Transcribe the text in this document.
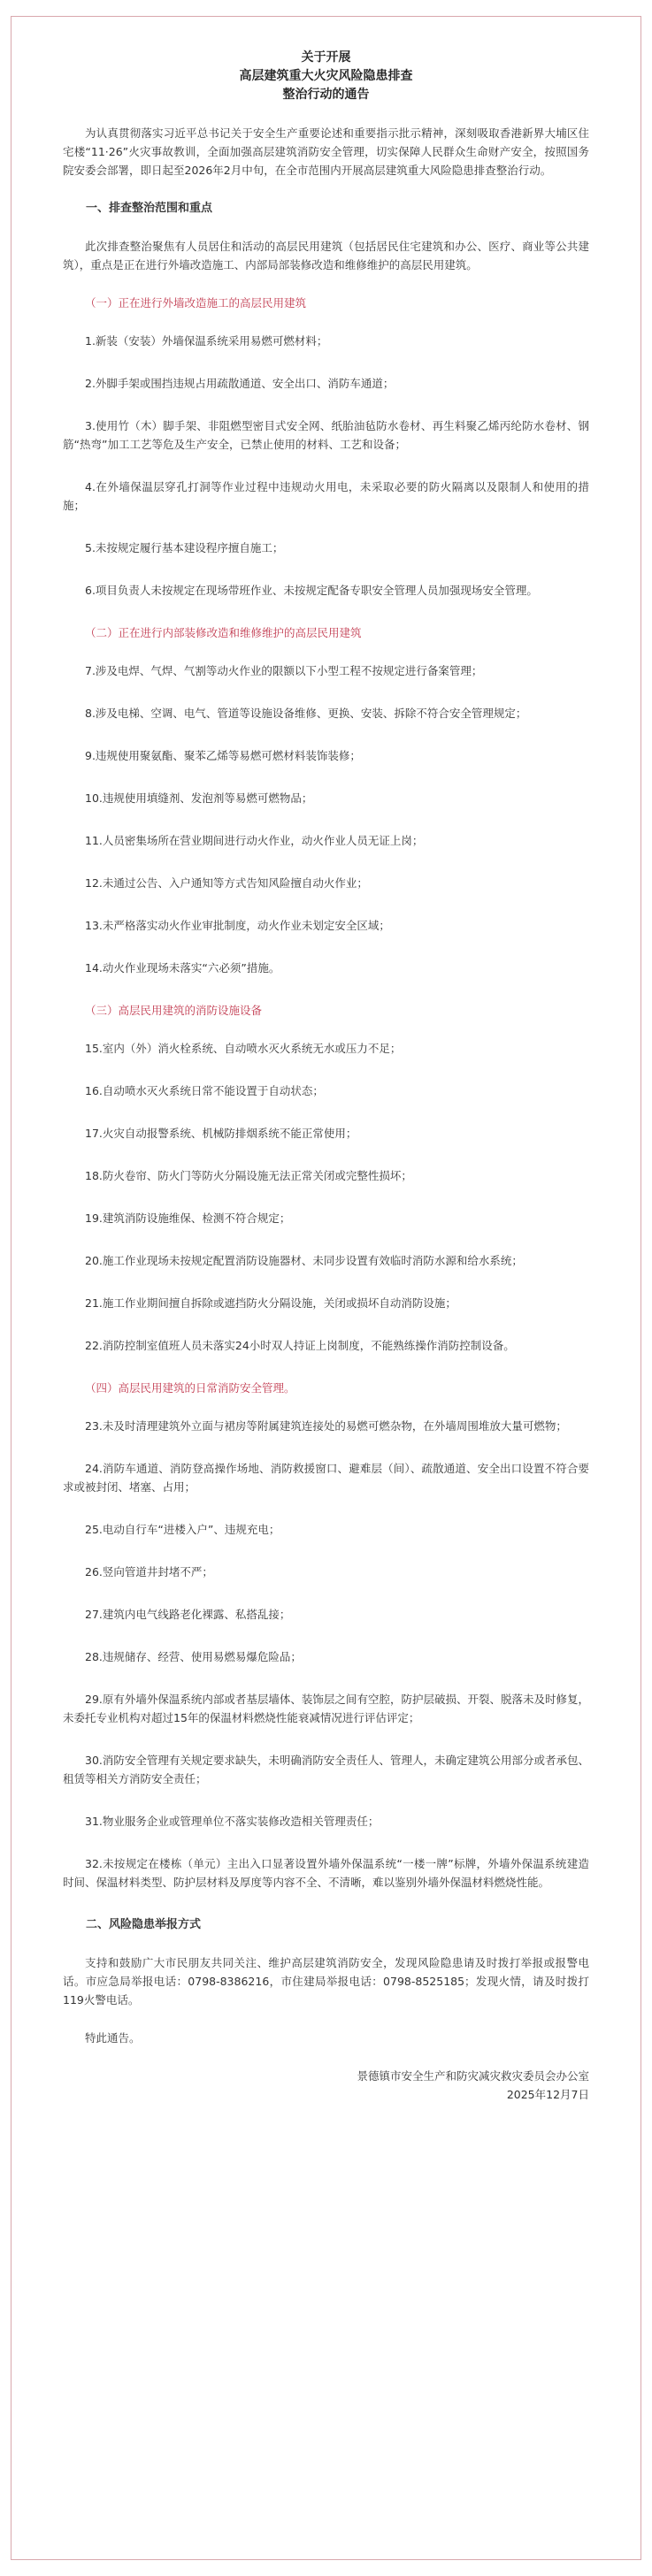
关于开展
高层建筑重大火灾风险隐患排查
整治行动的通告

为认真贯彻落实习近平总书记关于安全生产重要论述和重要指示批示精神，深刻吸取香港新界大埔区住宅楼“11·26”火灾事故教训，全面加强高层建筑消防安全管理，切实保障人民群众生命财产安全，按照国务院安委会部署，即日起至2026年2月中旬，在全市范围内开展高层建筑重大风险隐患排查整治行动。

一、排查整治范围和重点

此次排查整治聚焦有人员居住和活动的高层民用建筑（包括居民住宅建筑和办公、医疗、商业等公共建筑），重点是正在进行外墙改造施工、内部局部装修改造和维修维护的高层民用建筑。

（一）正在进行外墙改造施工的高层民用建筑

1.新装（安装）外墙保温系统采用易燃可燃材料；

2.外脚手架或围挡违规占用疏散通道、安全出口、消防车通道；

3.使用竹（木）脚手架、非阻燃型密目式安全网、纸胎油毡防水卷材、再生料聚乙烯丙纶防水卷材、钢筋“热弯”加工工艺等危及生产安全，已禁止使用的材料、工艺和设备；

4.在外墙保温层穿孔打洞等作业过程中违规动火用电，未采取必要的防火隔离以及限制人和使用的措施；

5.未按规定履行基本建设程序擅自施工；

6.项目负责人未按规定在现场带班作业、未按规定配备专职安全管理人员加强现场安全管理。

（二）正在进行内部装修改造和维修维护的高层民用建筑

7.涉及电焊、气焊、气割等动火作业的限额以下小型工程不按规定进行备案管理；

8.涉及电梯、空调、电气、管道等设施设备维修、更换、安装、拆除不符合安全管理规定；

9.违规使用聚氨酯、聚苯乙烯等易燃可燃材料装饰装修；

10.违规使用填缝剂、发泡剂等易燃可燃物品；

11.人员密集场所在营业期间进行动火作业，动火作业人员无证上岗；

12.未通过公告、入户通知等方式告知风险擅自动火作业；

13.未严格落实动火作业审批制度，动火作业未划定安全区域；

14.动火作业现场未落实“六必须”措施。

（三）高层民用建筑的消防设施设备

15.室内（外）消火栓系统、自动喷水灭火系统无水或压力不足；

16.自动喷水灭火系统日常不能设置于自动状态；

17.火灾自动报警系统、机械防排烟系统不能正常使用；

18.防火卷帘、防火门等防火分隔设施无法正常关闭或完整性损坏；

19.建筑消防设施维保、检测不符合规定；

20.施工作业现场未按规定配置消防设施器材、未同步设置有效临时消防水源和给水系统；

21.施工作业期间擅自拆除或遮挡防火分隔设施，关闭或损坏自动消防设施；

22.消防控制室值班人员未落实24小时双人持证上岗制度，不能熟练操作消防控制设备。

（四）高层民用建筑的日常消防安全管理。

23.未及时清理建筑外立面与裙房等附属建筑连接处的易燃可燃杂物，在外墙周围堆放大量可燃物；

24.消防车通道、消防登高操作场地、消防救援窗口、避难层（间）、疏散通道、安全出口设置不符合要求或被封闭、堵塞、占用；

25.电动自行车“进楼入户”、违规充电；

26.竖向管道井封堵不严；

27.建筑内电气线路老化裸露、私搭乱接；

28.违规储存、经营、使用易燃易爆危险品；

29.原有外墙外保温系统内部或者基层墙体、装饰层之间有空腔，防护层破损、开裂、脱落未及时修复，未委托专业机构对超过15年的保温材料燃烧性能衰减情况进行评估评定；

30.消防安全管理有关规定要求缺失，未明确消防安全责任人、管理人，未确定建筑公用部分或者承包、租赁等相关方消防安全责任；

31.物业服务企业或管理单位不落实装修改造相关管理责任；

32.未按规定在楼栋（单元）主出入口显著设置外墙外保温系统“一楼一牌”标牌，外墙外保温系统建造时间、保温材料类型、防护层材料及厚度等内容不全、不清晰，难以鉴别外墙外保温材料燃烧性能。

二、风险隐患举报方式

支持和鼓励广大市民朋友共同关注、维护高层建筑消防安全，发现风险隐患请及时拨打举报或报警电话。市应急局举报电话：0798-8386216，市住建局举报电话：0798-8525185；发现火情，请及时拨打119火警电话。

特此通告。

景德镇市安全生产和防灾减灾救灾委员会办公室

2025年12月7日
